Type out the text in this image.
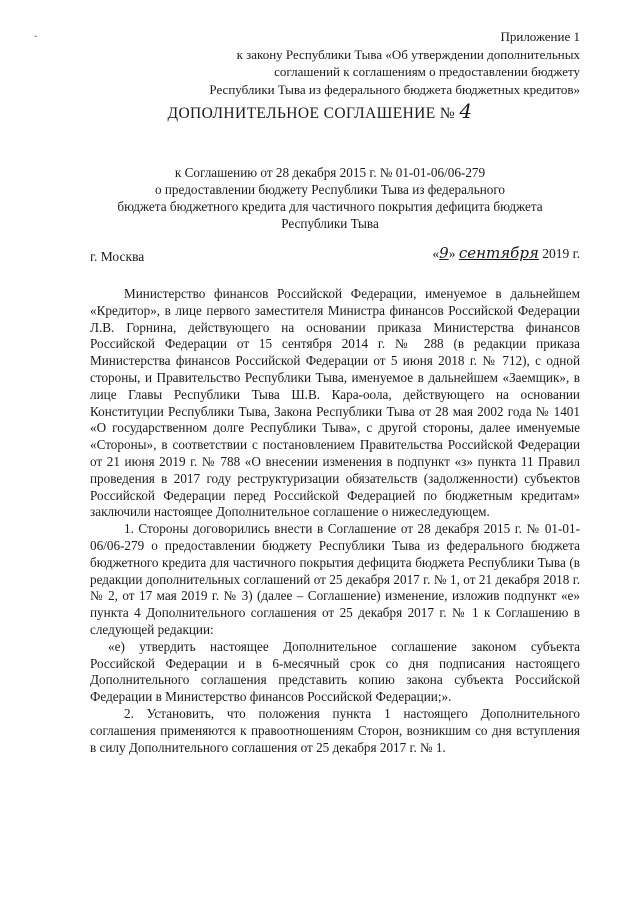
ˇ	Приложение 1
к закону Республики Тыва «Об утверждении дополнительных
соглашений к соглашениям о предоставлении бюджету
Республики Тыва из федерального бюджета бюджетных кредитов»
ДОПОЛНИТЕЛЬНОЕ СОГЛАШЕНИЕ № 4
к Соглашению от 28 декабря 2015 г. № 01-01-06/06-279
о предоставлении бюджету Республики Тыва из федерального
бюджета бюджетного кредита для частичного покрытия дефицита бюджета
Республики Тыва
г. Москва	«9» сентября 2019 г.

Министерство финансов Российской Федерации, именуемое в дальнейшем «Кредитор», в лице первого заместителя Министра финансов Российской Федерации Л.В. Горнина, действующего на основании приказа Министерства финансов Российской Федерации от 15 сентября 2014 г. № 288 (в редакции приказа Министерства финансов Российской Федерации от 5 июня 2018 г. № 712), с одной стороны, и Правительство Республики Тыва, именуемое в дальнейшем «Заемщик», в лице Главы Республики Тыва Ш.В. Кара-оола, действующего на основании Конституции Республики Тыва, Закона Республики Тыва от 28 мая 2002 года № 1401 «О государственном долге Республики Тыва», с другой стороны, далее именуемые «Стороны», в соответствии с постановлением Правительства Российской Федерации от 21 июня 2019 г. № 788 «О внесении изменения в подпункт «з» пункта 11 Правил проведения в 2017 году реструктуризации обязательств (задолженности) субъектов Российской Федерации перед Российской Федерацией по бюджетным кредитам» заключили настоящее Дополнительное соглашение о нижеследующем.

1. Стороны договорились внести в Соглашение от 28 декабря 2015 г. № 01-01-06/06-279 о предоставлении бюджету Республики Тыва из федерального бюджета бюджетного кредита для частичного покрытия дефицита бюджета Республики Тыва (в редакции дополнительных соглашений от 25 декабря 2017 г. № 1, от 21 декабря 2018 г. № 2, от 17 мая 2019 г. № 3) (далее – Соглашение) изменение, изложив подпункт «е» пункта 4 Дополнительного соглашения от 25 декабря 2017 г. № 1 к Соглашению в следующей редакции:

«е) утвердить настоящее Дополнительное соглашение законом субъекта Российской Федерации и в 6-месячный срок со дня подписания настоящего Дополнительного соглашения представить копию закона субъекта Российской Федерации в Министерство финансов Российской Федерации;».

2. Установить, что положения пункта 1 настоящего Дополнительного соглашения применяются к правоотношениям Сторон, возникшим со дня вступления в силу Дополнительного соглашения от 25 декабря 2017 г. № 1.
